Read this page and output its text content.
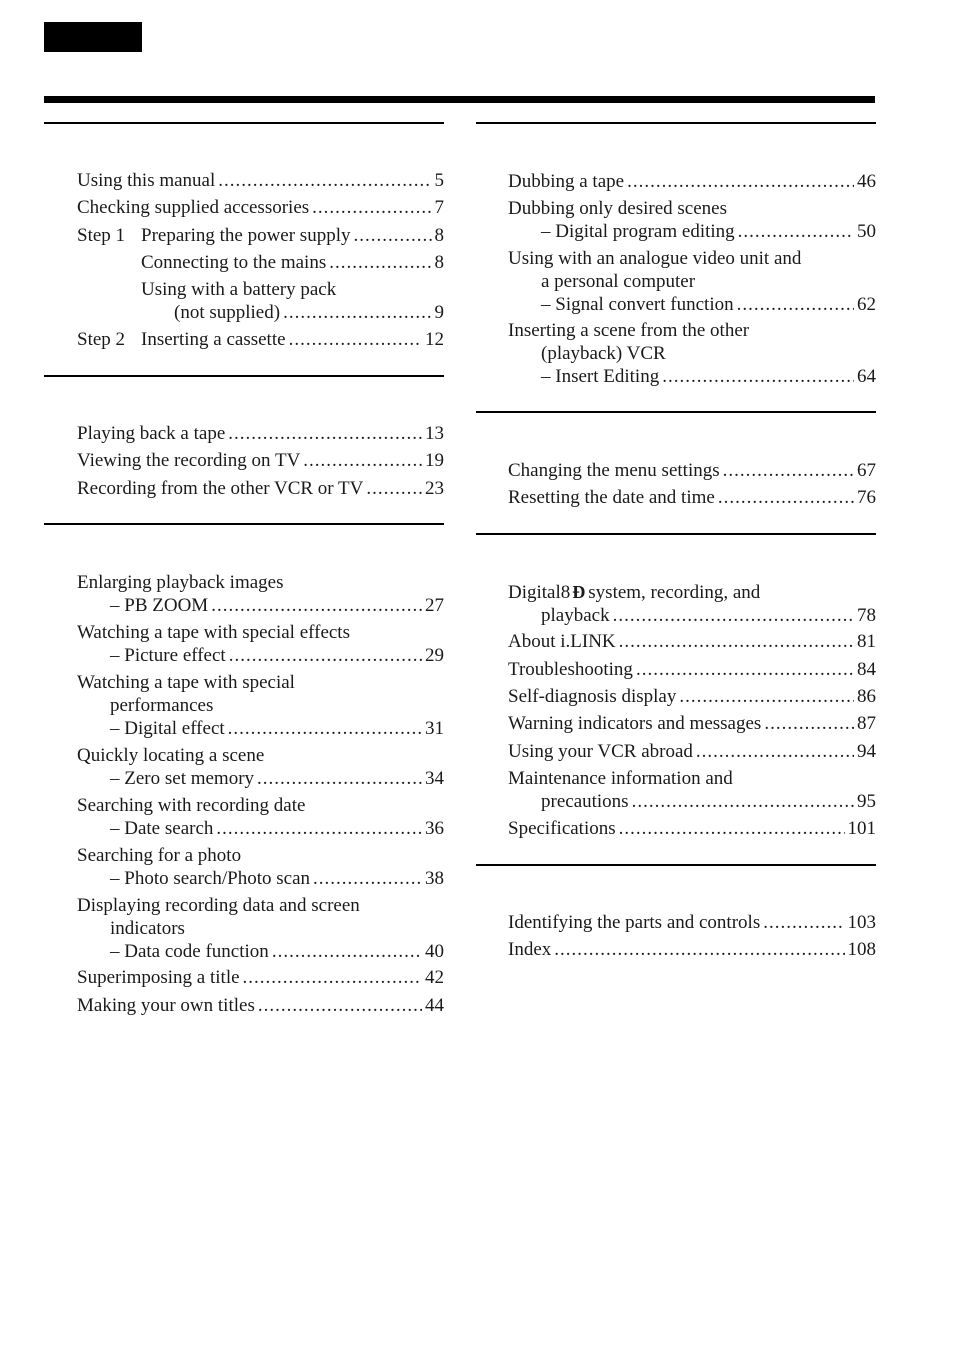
Using this manual .....	5
Checking supplied accessories .....	7
Step 1 Preparing the power supply .....	8
Connecting to the mains .....	8
Using with a battery pack
(not supplied) .....	9
Step 2 Inserting a cassette .....	12
Playing back a tape .....	13
Viewing the recording on TV .....	19
Recording from the other VCR or TV .....	23
Enlarging playback images
– PB ZOOM .....	27
Watching a tape with special effects
– Picture effect .....	29
Watching a tape with special
performances
– Digital effect .....	31
Quickly locating a scene
– Zero set memory .....	34
Searching with recording date
– Date search .....	36
Searching for a photo
– Photo search/Photo scan .....	38
Displaying recording data and screen
indicators
– Data code function .....	40
Superimposing a title .....	42
Making your own titles .....	44
Dubbing a tape .....	46
Dubbing only desired scenes
– Digital program editing .....	50
Using with an analogue video unit and
a personal computer
– Signal convert function .....	62
Inserting a scene from the other
(playback) VCR
– Insert Editing .....	64
Changing the menu settings .....	67
Resetting the date and time .....	76
Digital8 Ð system, recording, and
playback .....	78
About i.LINK .....	81
Troubleshooting .....	84
Self-diagnosis display .....	86
Warning indicators and messages .....	87
Using your VCR abroad .....	94
Maintenance information and
precautions .....	95
Specifications .....	101
Identifying the parts and controls .....	103
Index .....	108
